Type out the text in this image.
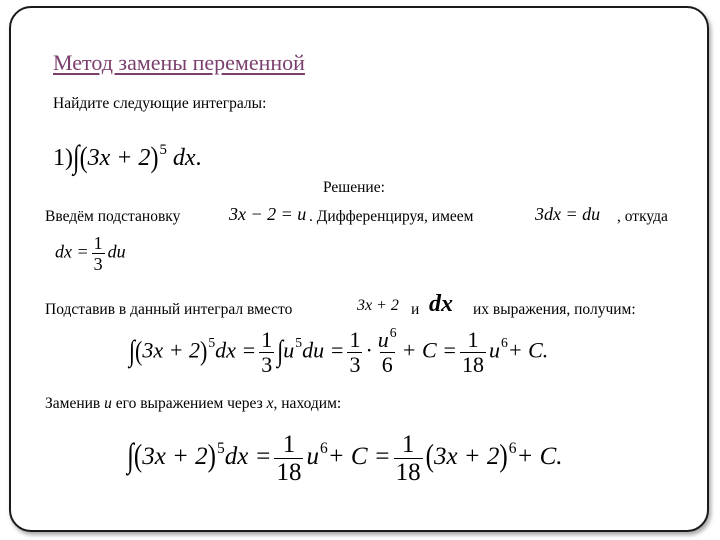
Метод замены переменной
Найдите следующие интегралы:
$1)\int(3x + 2)^5$ dx.
Решение:
Введём подстановку	3x − 2 = u . Дифференцируя, имеем	3dx = du , откуда
dx = $\frac{1}{3}$ du
Подставив в данный интеграл вместо	3x + 2 и dx их выражения, получим:
$\int(3x + 2)^5dx = \frac{1}{3} \int u^5du = \frac{1}{3} \cdot \frac{u^6}{6} + C = \frac{1}{18} u^6+ C$.
Заменив u его выражением через x, находим:
$\int(3x + 2)^5dx = \frac{1}{18} u^6+ C = \frac{1}{18} (3x + 2)^6+ C$.
